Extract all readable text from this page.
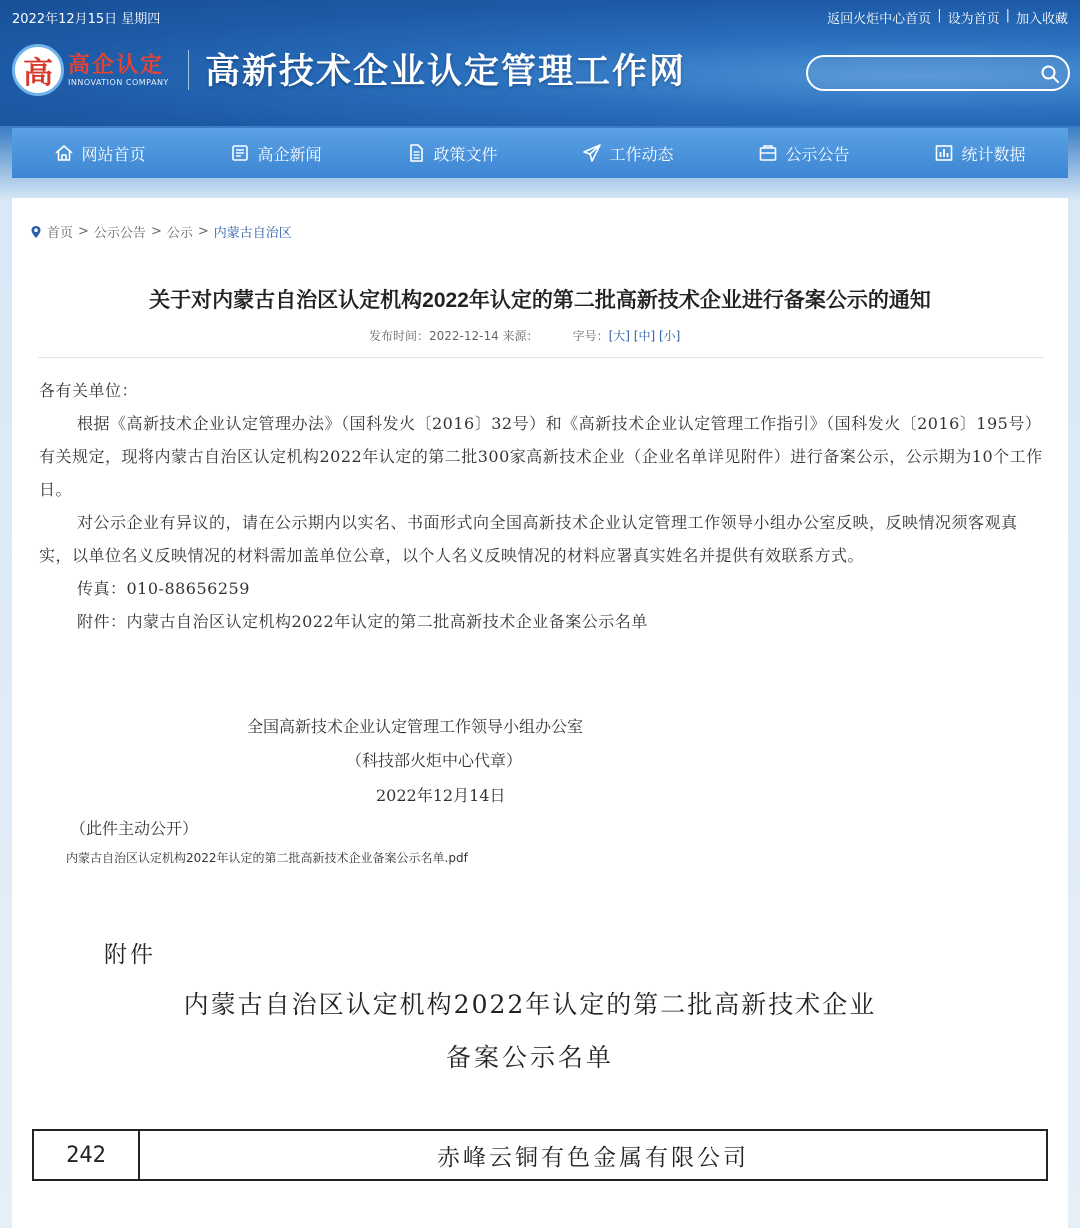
2022年12月15日 星期四	返回火炬中心首页 | 设为首页 | 加入收藏
高 高企认定
INNOVATION COMPANY 高新技术企业认定管理工作网
网站首页	高企新闻	政策文件	工作动态	公示公告	统计数据
首页 > 公示公告 > 公示 > 内蒙古自治区
关于对内蒙古自治区认定机构2022年认定的第二批高新技术企业进行备案公示的通知
发布时间：2022-12-14 来源：	字号：[大] [中] [小]

各有关单位：

根据《高新技术企业认定管理办法》（国科发火〔2016〕32号）和《高新技术企业认定管理工作指引》（国科发火〔2016〕195号）有关规定，现将内蒙古自治区认定机构2022年认定的第二批300家高新技术企业（企业名单详见附件）进行备案公示，公示期为10个工作日。

对公示企业有异议的，请在公示期内以实名、书面形式向全国高新技术企业认定管理工作领导小组办公室反映，反映情况须客观真实，以单位名义反映情况的材料需加盖单位公章，以个人名义反映情况的材料应署真实姓名并提供有效联系方式。

传真：010-88656259

附件：内蒙古自治区认定机构2022年认定的第二批高新技术企业备案公示名单

全国高新技术企业认定管理工作领导小组办公室
（科技部火炬中心代章）
2022年12月14日
（此件主动公开）
内蒙古自治区认定机构2022年认定的第二批高新技术企业备案公示名单.pdf
附件
内蒙古自治区认定机构2022年认定的第二批高新技术企业
备案公示名单
242	赤峰云铜有色金属有限公司
